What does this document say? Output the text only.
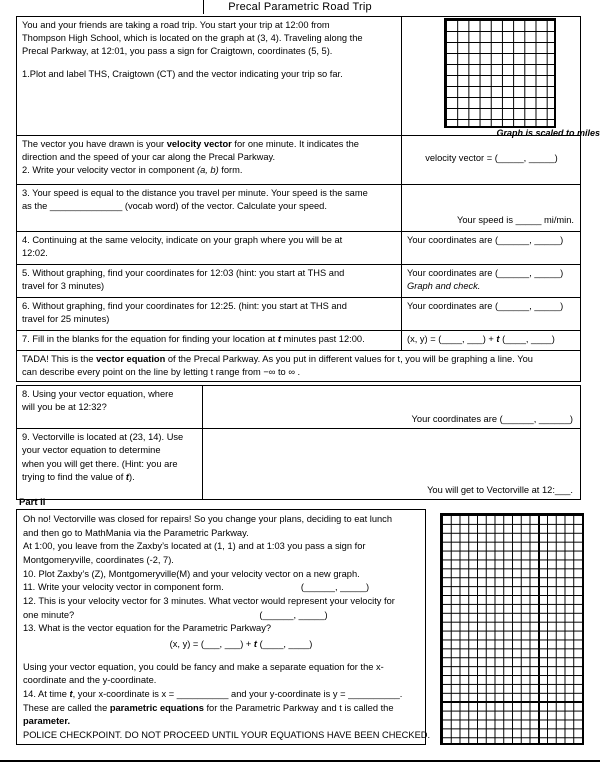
Precal Parametric Road Trip
You and your friends are taking a road trip. You start your trip at 12:00 from
Thompson High School, which is located on the graph at (3, 4). Traveling along the
Precal Parkway, at 12:01, you pass a sign for Craigtown, coordinates (5, 5).
1.Plot and label THS, Craigtown (CT) and the vector indicating your trip so far.	

The vector you have drawn is your velocity vector for one minute. It indicates the
direction and the speed of your car along the Precal Parkway.
2. Write your velocity vector in component (a, b) form.	velocity vector = (_____, _____)

3. Your speed is equal to the distance you travel per minute. Your speed is the same
as the ______________ (vocab word) of the vector. Calculate your speed.	Your speed is _____ mi/min.

4. Continuing at the same velocity, indicate on your graph where you will be at
12:02.	Your coordinates are (______, _____)

5. Without graphing, find your coordinates for 12:03 (hint: you start at THS and
travel for 3 minutes)	Your coordinates are (______, _____)
Graph and check.

6. Without graphing, find your coordinates for 12:25. (hint: you start at THS and
travel for 25 minutes)	Your coordinates are (______, _____)

7. Fill in the blanks for the equation for finding your location at t minutes past 12:00.	(x, y) = (____, ___) + t (____, ____)

TADA! This is the vector equation of the Precal Parkway. As you put in different values for t, you will be graphing a line. You
can describe every point on the line by letting t range from −∞ to ∞ .	
8. Using your vector equation, where
will you be at 12:32?	Your coordinates are (______, ______)

9. Vectorville is located at (23, 14). Use
your vector equation to determine
when you will get there. (Hint: you are
trying to find the value of t).	You will get to Vectorville at 12:___.
Graph is scaled to miles
Part II
Oh no! Vectorville was closed for repairs! So you change your plans, deciding to eat lunch
and then go to MathMania via the Parametric Parkway.
At 1:00, you leave from the Zaxby’s located at (1, 1) and at 1:03 you pass a sign for
Montgomeryville, coordinates (-2, 7).
10. Plot Zaxby’s (Z), Montgomeryville(M) and your velocity vector on a new graph.
11. Write your velocity vector in component form.	(______, _____)
12. This is your velocity vector for 3 minutes. What vector would represent your velocity for
one minute?	(______, _____)
13. What is the vector equation for the Parametric Parkway?
(x, y) = (___, ___) + t (____, ____)
Using your vector equation, you could be fancy and make a separate equation for the x-
coordinate and the y-coordinate.
14. At time t, your x-coordinate is x = __________ and your y-coordinate is y = __________.
These are called the parametric equations for the Parametric Parkway and t is called the
parameter.
POLICE CHECKPOINT. DO NOT PROCEED UNTIL YOUR EQUATIONS HAVE BEEN CHECKED.
